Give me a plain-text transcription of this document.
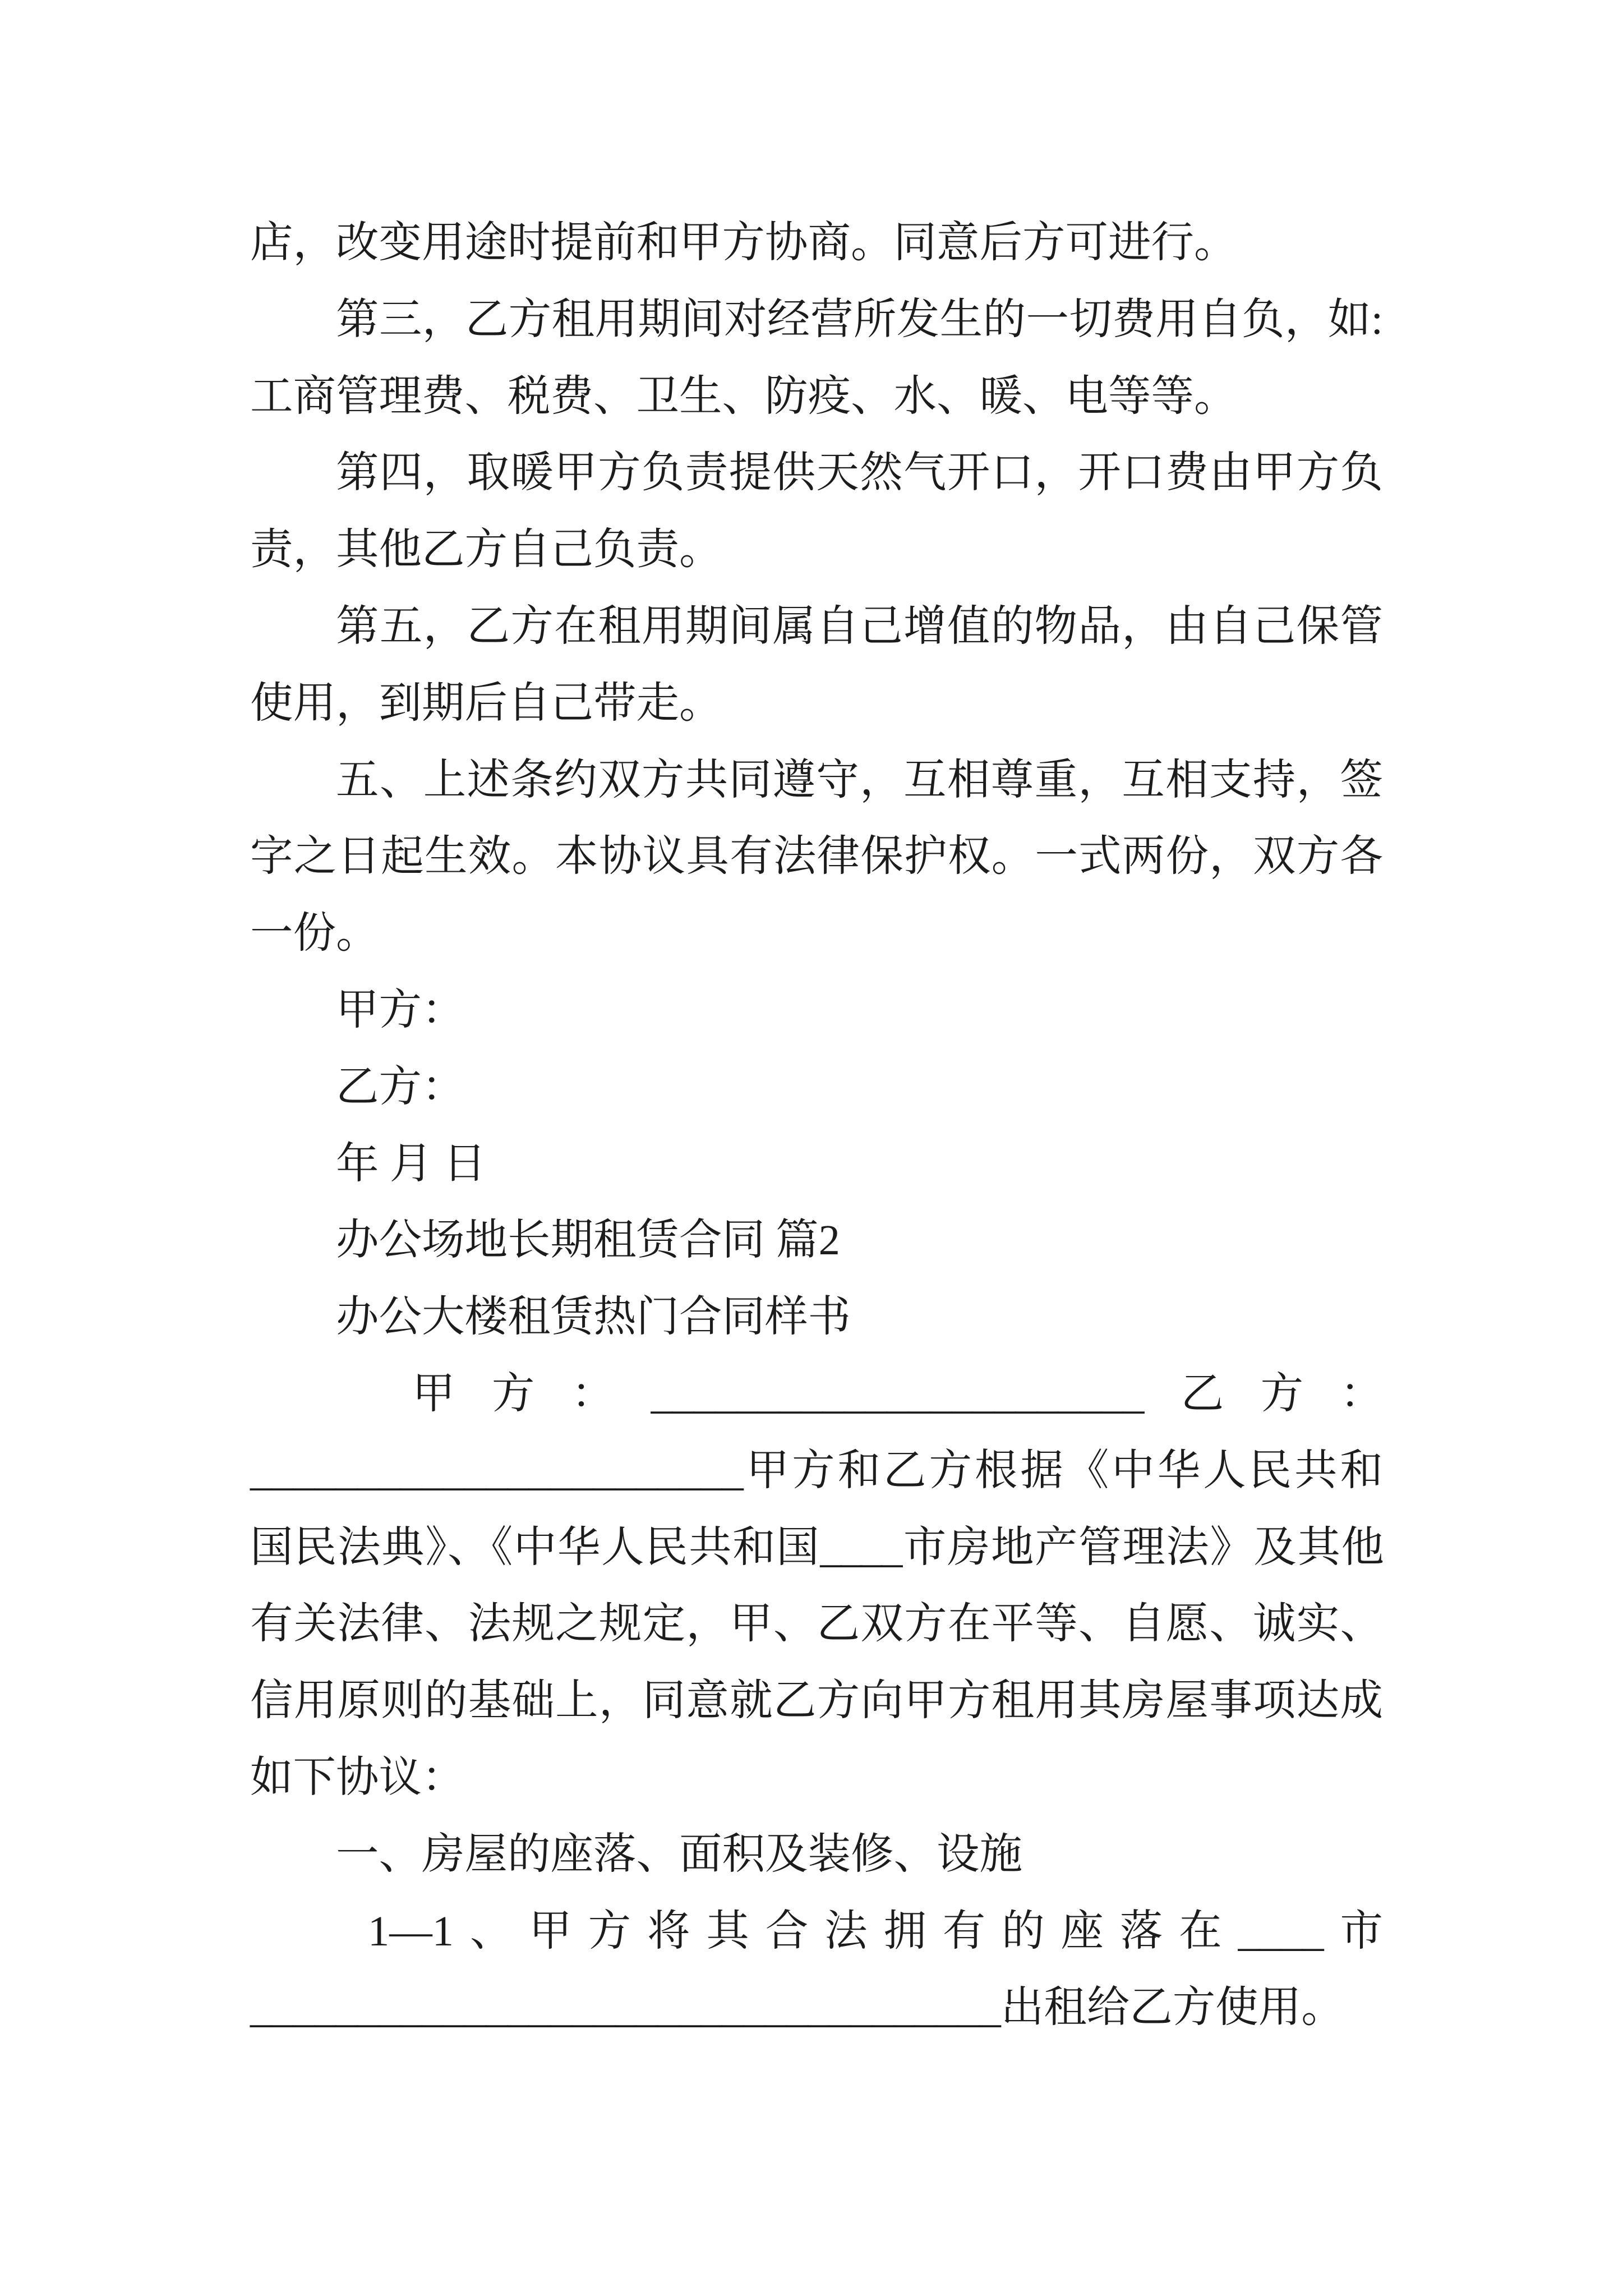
店，改变用途时提前和甲方协商。同意后方可进行。
第三，乙方租用期间对经营所发生的一切费用自负，如:
工商管理费、税费、卫生、防疫、水、暖、电等等。
第四，取暖甲方负责提供天然气开口，开口费由甲方负
责，其他乙方自己负责。
第五，乙方在租用期间属自己增值的物品，由自己保管
使用，到期后自己带走。
五、上述条约双方共同遵守，互相尊重，互相支持，签
字之日起生效。本协议具有法律保护权。一式两份，双方各
一份。
甲方：
乙方：
年 月 日
办公场地长期租赁合同 篇2
办公大楼租赁热门合同样书
甲方：_______________________乙方：
_______________________甲方和乙方根据《中华人民共和
国民法典》、《中华人民共和国____市房地产管理法》及其他
有关法律、法规之规定，甲、乙双方在平等、自愿、诚实、
信用原则的基础上，同意就乙方向甲方租用其房屋事项达成
如下协议：
一、房屋的座落、面积及装修、设施
1—1、甲方将其合法拥有的座落在____市
___________________________________出租给乙方使用。
